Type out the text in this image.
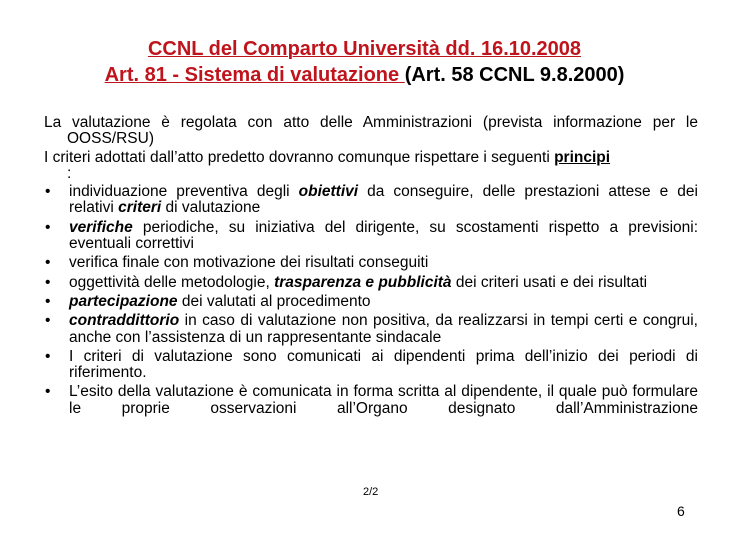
CCNL del Comparto Università dd. 16.10.2008
Art. 81 - Sistema di valutazione (Art. 58 CCNL 9.8.2000)

La valutazione è regolata con atto delle Amministrazioni (prevista informazione per le OOSS/RSU)

I criteri adottati dall’atto predetto dovranno comunque rispettare i seguenti principi
:

• individuazione preventiva degli obiettivi da conseguire, delle prestazioni attese e dei relativi criteri di valutazione
• verifiche periodiche, su iniziativa del dirigente, su scostamenti rispetto a previsioni: eventuali correttivi
• verifica finale con motivazione dei risultati conseguiti
• oggettività delle metodologie, trasparenza e pubblicità dei criteri usati e dei risultati
• partecipazione dei valutati al procedimento
• contraddittorio in caso di valutazione non positiva, da realizzarsi in tempi certi e congrui, anche con l’assistenza di un rappresentante sindacale
• I criteri di valutazione sono comunicati ai dipendenti prima dell’inizio dei periodi di riferimento.
• L’esito della valutazione è comunicata in forma scritta al dipendente, il quale può formulare le proprie osservazioni all’Organo designato dall’Amministrazione
2/2
6
